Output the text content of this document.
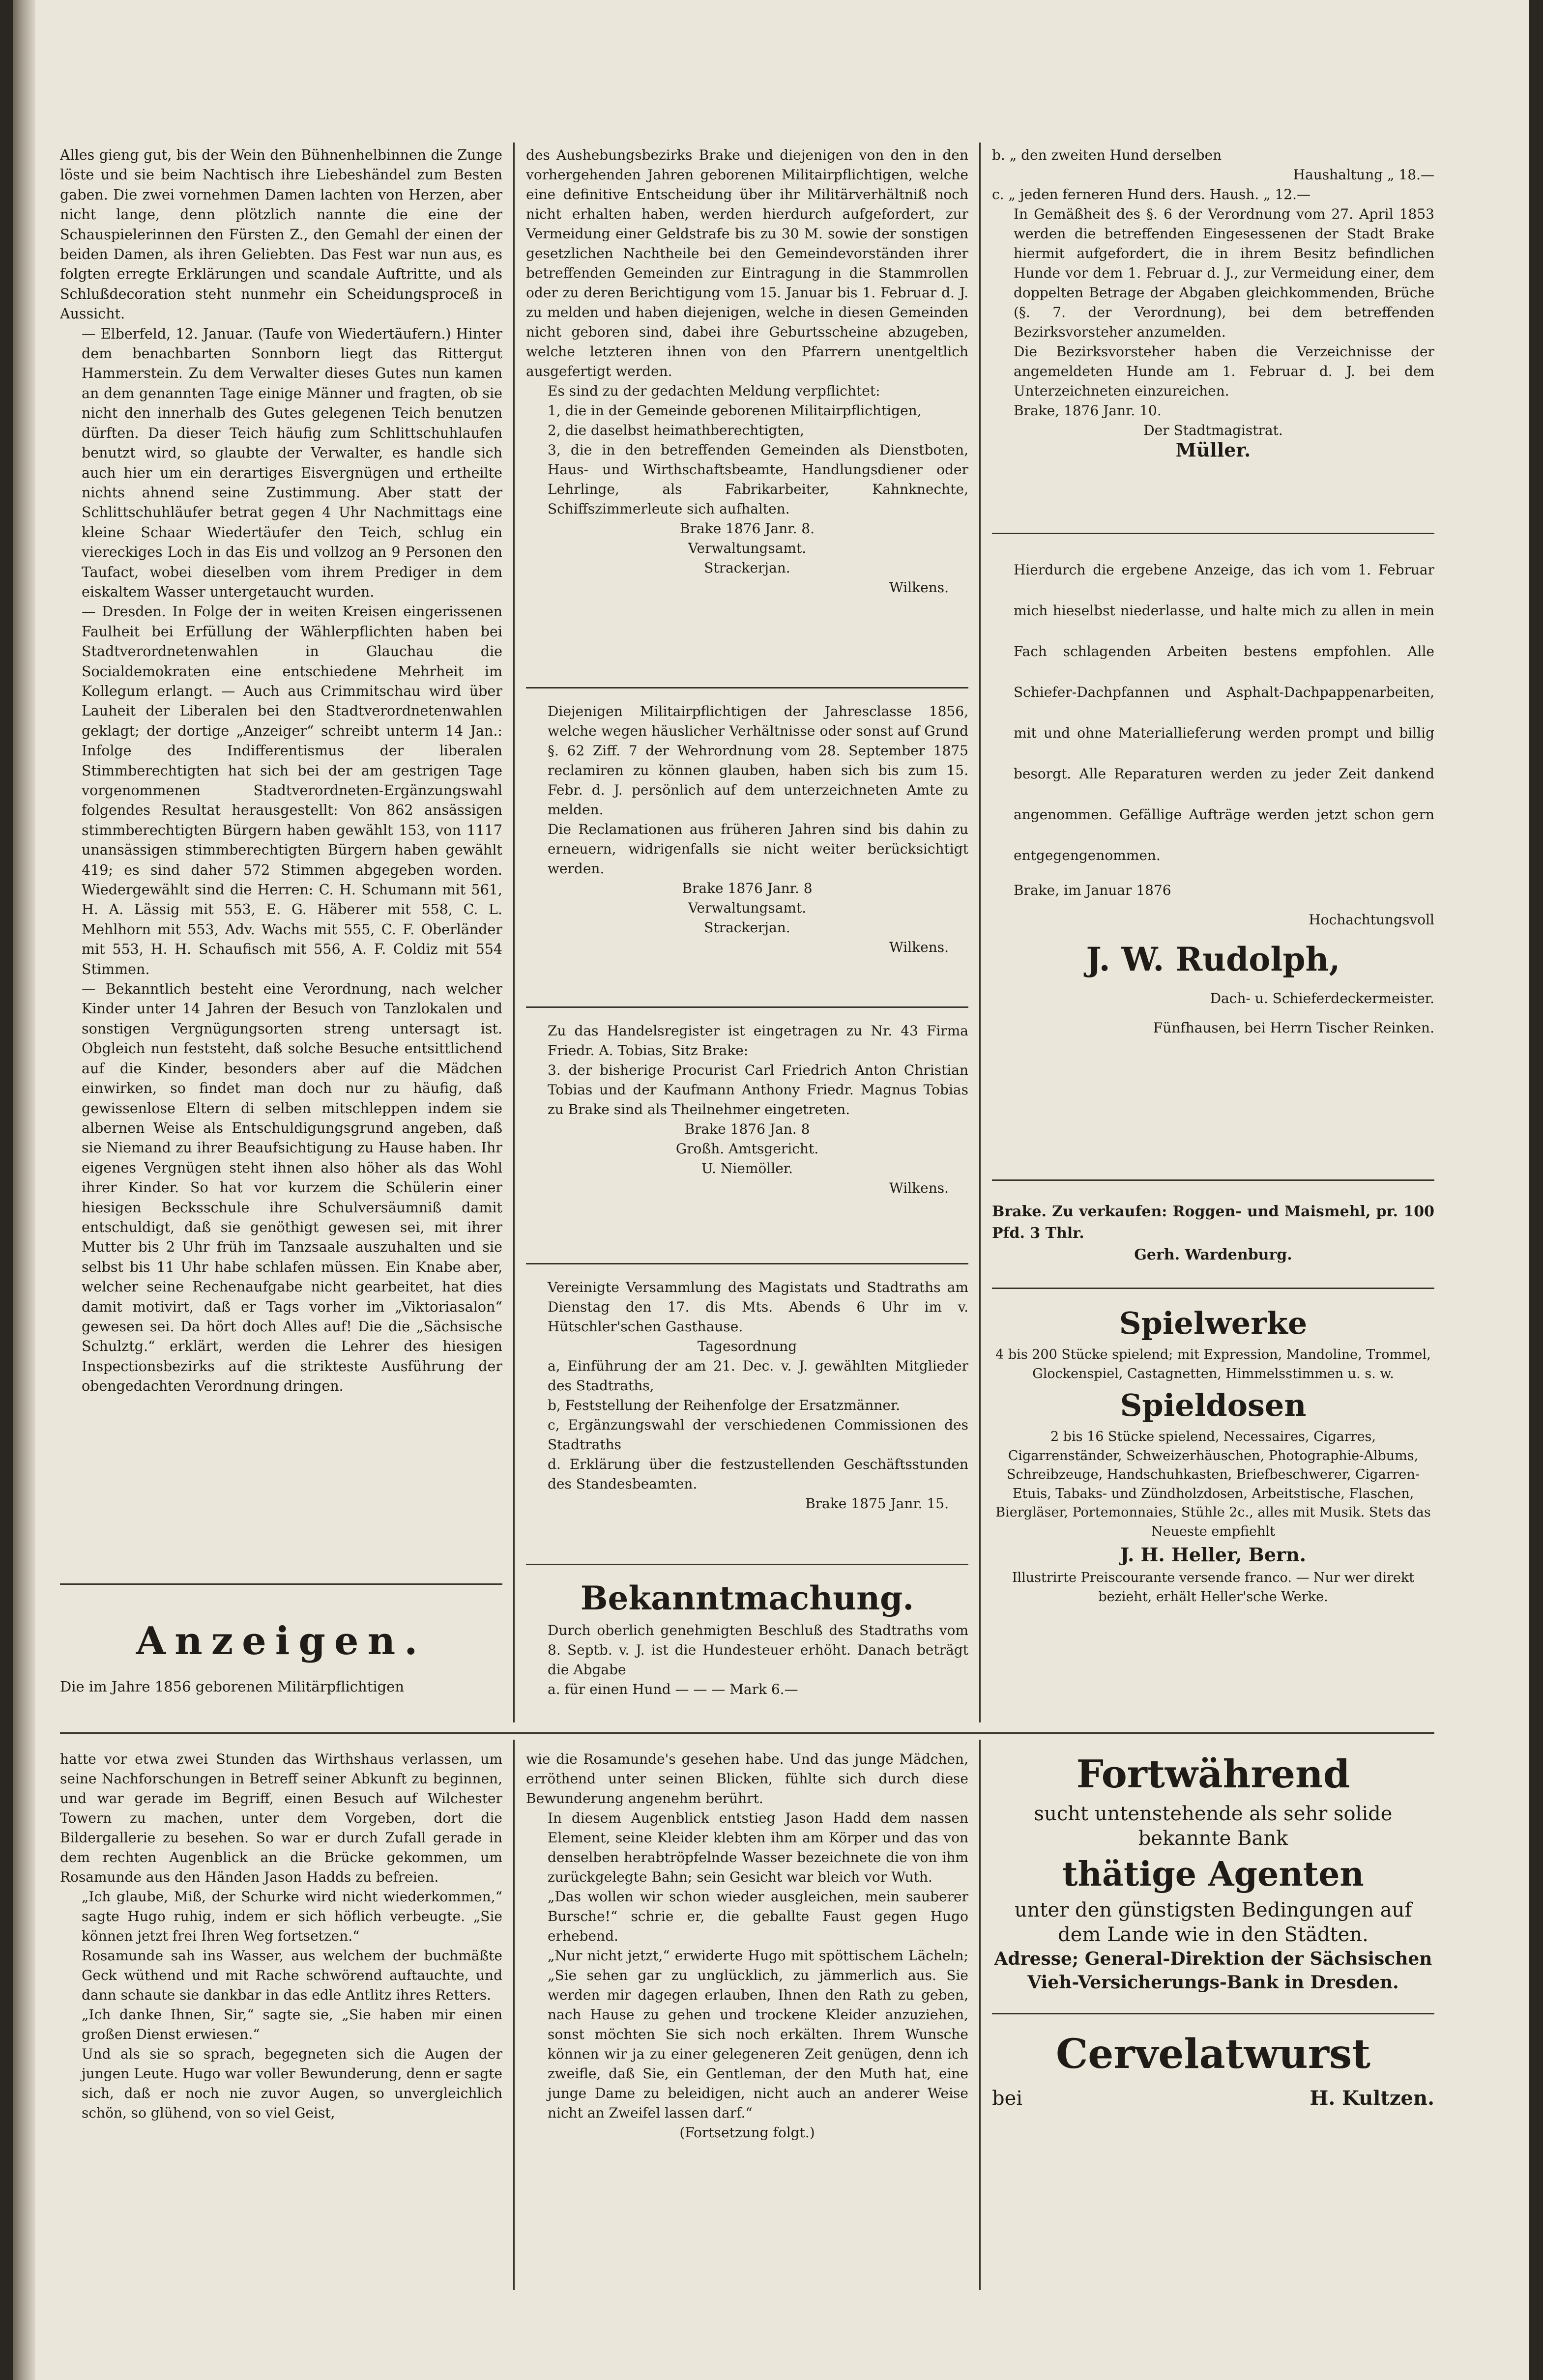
Alles gieng gut, bis der Wein den Bühnenhelbinnen die Zunge löste und sie beim Nachtisch ihre Liebeshändel zum Besten gaben. Die zwei vornehmen Damen lachten von Herzen, aber nicht lange, denn plötzlich nannte die eine der Schauspielerinnen den Fürsten Z., den Gemahl der einen der beiden Damen, als ihren Geliebten. Das Fest war nun aus, es folgten erregte Erklärungen und scandale Auftritte, und als Schlußdecoration steht nunmehr ein Scheidungsproceß in Aussicht.

— Elberfeld, 12. Januar. (Taufe von Wiedertäufern.) Hinter dem benachbarten Sonnborn liegt das Rittergut Hammerstein. Zu dem Verwalter dieses Gutes nun kamen an dem genannten Tage einige Männer und fragten, ob sie nicht den innerhalb des Gutes gelegenen Teich benutzen dürften. Da dieser Teich häufig zum Schlittschuhlaufen benutzt wird, so glaubte der Verwalter, es handle sich auch hier um ein derartiges Eisvergnügen und ertheilte nichts ahnend seine Zustimmung. Aber statt der Schlittschuhläufer betrat gegen 4 Uhr Nachmittags eine kleine Schaar Wiedertäufer den Teich, schlug ein viereckiges Loch in das Eis und vollzog an 9 Personen den Taufact, wobei dieselben vom ihrem Prediger in dem eiskaltem Wasser untergetaucht wurden.

— Dresden. In Folge der in weiten Kreisen eingerissenen Faulheit bei Erfüllung der Wählerpflichten haben bei Stadtverordnetenwahlen in Glauchau die Socialdemokraten eine entschiedene Mehrheit im Kollegum erlangt. — Auch aus Crimmitschau wird über Lauheit der Liberalen bei den Stadtverordnetenwahlen geklagt; der dortige „Anzeiger“ schreibt unterm 14 Jan.: Infolge des Indifferentismus der liberalen Stimmberechtigten hat sich bei der am gestrigen Tage vorgenommenen Stadtverordneten-Ergänzungswahl folgendes Resultat herausgestellt: Von 862 ansässigen stimmberechtigten Bürgern haben gewählt 153, von 1117 unansässigen stimmberechtigten Bürgern haben gewählt 419; es sind daher 572 Stimmen abgegeben worden. Wiedergewählt sind die Herren: C. H. Schumann mit 561, H. A. Lässig mit 553, E. G. Häberer mit 558, C. L. Mehlhorn mit 553, Adv. Wachs mit 555, C. F. Oberländer mit 553, H. H. Schaufisch mit 556, A. F. Coldiz mit 554 Stimmen.

— Bekanntlich besteht eine Verordnung, nach welcher Kinder unter 14 Jahren der Besuch von Tanzlokalen und sonstigen Vergnügungsorten streng untersagt ist. Obgleich nun feststeht, daß solche Besuche entsittlichend auf die Kinder, besonders aber auf die Mädchen einwirken, so findet man doch nur zu häufig, daß gewissenlose Eltern di selben mitschleppen indem sie albernen Weise als Entschuldigungsgrund angeben, daß sie Niemand zu ihrer Beaufsichtigung zu Hause haben. Ihr eigenes Vergnügen steht ihnen also höher als das Wohl ihrer Kinder. So hat vor kurzem die Schülerin einer hiesigen Becksschule ihre Schulversäumniß damit entschuldigt, daß sie genöthigt gewesen sei, mit ihrer Mutter bis 2 Uhr früh im Tanzsaale auszuhalten und sie selbst bis 11 Uhr habe schlafen müssen. Ein Knabe aber, welcher seine Rechenaufgabe nicht gearbeitet, hat dies damit motivirt, daß er Tags vorher im „Viktoriasalon“ gewesen sei. Da hört doch Alles auf! Die die „Sächsische Schulztg.“ erklärt, werden die Lehrer des hiesigen Inspectionsbezirks auf die strikteste Ausführung der obengedachten Verordnung dringen.

Anzeigen.

Die im Jahre 1856 geborenen Militärpflichtigen

des Aushebungsbezirks Brake und diejenigen von den in den vorhergehenden Jahren geborenen Militairpflichtigen, welche eine definitive Entscheidung über ihr Militärverhältniß noch nicht erhalten haben, werden hierdurch aufgefordert, zur Vermeidung einer Geldstrafe bis zu 30 M. sowie der sonstigen gesetzlichen Nachtheile bei den Gemeindevorständen ihrer betreffenden Gemeinden zur Eintragung in die Stammrollen oder zu deren Berichtigung vom 15. Januar bis 1. Februar d. J. zu melden und haben diejenigen, welche in diesen Gemeinden nicht geboren sind, dabei ihre Geburtsscheine abzugeben, welche letzteren ihnen von den Pfarrern unentgeltlich ausgefertigt werden.

Es sind zu der gedachten Meldung verpflichtet:

1, die in der Gemeinde geborenen Militairpflichtigen,

2, die daselbst heimathberechtigten,

3, die in den betreffenden Gemeinden als Dienstboten, Haus- und Wirthschaftsbeamte, Handlungsdiener oder Lehrlinge, als Fabrikarbeiter, Kahnknechte, Schiffszimmerleute sich aufhalten.

Brake 1876 Janr. 8.

Verwaltungsamt.

Strackerjan.

Wilkens.

Diejenigen Militairpflichtigen der Jahresclasse 1856, welche wegen häuslicher Verhältnisse oder sonst auf Grund §. 62 Ziff. 7 der Wehrordnung vom 28. September 1875 reclamiren zu können glauben, haben sich bis zum 15. Febr. d. J. persönlich auf dem unterzeichneten Amte zu melden.

Die Reclamationen aus früheren Jahren sind bis dahin zu erneuern, widrigenfalls sie nicht weiter berücksichtigt werden.

Brake 1876 Janr. 8

Verwaltungsamt.

Strackerjan.

Wilkens.

Zu das Handelsregister ist eingetragen zu Nr. 43 Firma Friedr. A. Tobias, Sitz Brake:

3. der bisherige Procurist Carl Friedrich Anton Christian Tobias und der Kaufmann Anthony Friedr. Magnus Tobias zu Brake sind als Theilnehmer eingetreten.

Brake 1876 Jan. 8

Großh. Amtsgericht.

U. Niemöller.

Wilkens.

Vereinigte Versammlung des Magistats und Stadtraths am Dienstag den 17. dis Mts. Abends 6 Uhr im v. Hütschler'schen Gasthause.

Tagesordnung

a, Einführung der am 21. Dec. v. J. gewählten Mitglieder des Stadtraths,

b, Feststellung der Reihenfolge der Ersatzmänner.

c, Ergänzungswahl der verschiedenen Commissionen des Stadtraths

d. Erklärung über die festzustellenden Geschäftsstunden des Standesbeamten.

Brake 1875 Janr. 15.

Bekanntmachung.

Durch oberlich genehmigten Beschluß des Stadtraths vom 8. Septb. v. J. ist die Hundesteuer erhöht. Danach beträgt die Abgabe

a. für einen Hund — — — Mark 6.—

b. „ den zweiten Hund derselben

Haushaltung „ 18.—

c. „ jeden ferneren Hund ders. Haush. „ 12.—

In Gemäßheit des §. 6 der Verordnung vom 27. April 1853 werden die betreffenden Eingesessenen der Stadt Brake hiermit aufgefordert, die in ihrem Besitz befindlichen Hunde vor dem 1. Februar d. J., zur Vermeidung einer, dem doppelten Betrage der Abgaben gleichkommenden, Brüche (§. 7. der Verordnung), bei dem betreffenden Bezirksvorsteher anzumelden.

Die Bezirksvorsteher haben die Verzeichnisse der angemeldeten Hunde am 1. Februar d. J. bei dem Unterzeichneten einzureichen.

Brake, 1876 Janr. 10.

Der Stadtmagistrat.

Müller.

Hierdurch die ergebene Anzeige, das ich vom 1. Februar mich hieselbst niederlasse, und halte mich zu allen in mein Fach schlagenden Arbeiten bestens empfohlen. Alle Schiefer-Dachpfannen und Asphalt-Dachpappenarbeiten, mit und ohne Materiallieferung werden prompt und billig besorgt. Alle Reparaturen werden zu jeder Zeit dankend angenommen. Gefällige Aufträge werden jetzt schon gern entgegengenommen.

Brake, im Januar 1876

Hochachtungsvoll

J. W. Rudolph,

Dach- u. Schieferdeckermeister.

Fünfhausen, bei Herrn Tischer Reinken.

Brake. Zu verkaufen: Roggen- und Maismehl, pr. 100 Pfd. 3 Thlr.

Gerh. Wardenburg.

Spielwerke

4 bis 200 Stücke spielend; mit Expression, Mandoline, Trommel, Glockenspiel, Castagnetten, Himmelsstimmen u. s. w.

Spieldosen

2 bis 16 Stücke spielend, Necessaires, Cigarres, Cigarrenständer, Schweizerhäuschen, Photographie-Albums, Schreibzeuge, Handschuhkasten, Briefbeschwerer, Cigarren-Etuis, Tabaks- und Zündholzdosen, Arbeitstische, Flaschen, Biergläser, Portemonnaies, Stühle 2c., alles mit Musik. Stets das Neueste empfiehlt

J. H. Heller, Bern.

Illustrirte Preiscourante versende franco. — Nur wer direkt bezieht, erhält Heller'sche Werke.

hatte vor etwa zwei Stunden das Wirthshaus verlassen, um seine Nachforschungen in Betreff seiner Abkunft zu beginnen, und war gerade im Begriff, einen Besuch auf Wilchester Towern zu machen, unter dem Vorgeben, dort die Bildergallerie zu besehen. So war er durch Zufall gerade in dem rechten Augenblick an die Brücke gekommen, um Rosamunde aus den Händen Jason Hadds zu befreien.

„Ich glaube, Miß, der Schurke wird nicht wiederkommen,“ sagte Hugo ruhig, indem er sich höflich verbeugte. „Sie können jetzt frei Ihren Weg fortsetzen.“

Rosamunde sah ins Wasser, aus welchem der buchmäßte Geck wüthend und mit Rache schwörend auftauchte, und dann schaute sie dankbar in das edle Antlitz ihres Retters.

„Ich danke Ihnen, Sir,“ sagte sie, „Sie haben mir einen großen Dienst erwiesen.“

Und als sie so sprach, begegneten sich die Augen der jungen Leute. Hugo war voller Bewunderung, denn er sagte sich, daß er noch nie zuvor Augen, so unvergleichlich schön, so glühend, von so viel Geist,

wie die Rosamunde's gesehen habe. Und das junge Mädchen, erröthend unter seinen Blicken, fühlte sich durch diese Bewunderung angenehm berührt.

In diesem Augenblick entstieg Jason Hadd dem nassen Element, seine Kleider klebten ihm am Körper und das von denselben herabtröpfelnde Wasser bezeichnete die von ihm zurückgelegte Bahn; sein Gesicht war bleich vor Wuth.

„Das wollen wir schon wieder ausgleichen, mein sauberer Bursche!“ schrie er, die geballte Faust gegen Hugo erhebend.

„Nur nicht jetzt,“ erwiderte Hugo mit spöttischem Lächeln; „Sie sehen gar zu unglücklich, zu jämmerlich aus. Sie werden mir dagegen erlauben, Ihnen den Rath zu geben, nach Hause zu gehen und trockene Kleider anzuziehen, sonst möchten Sie sich noch erkälten. Ihrem Wunsche können wir ja zu einer gelegeneren Zeit genügen, denn ich zweifle, daß Sie, ein Gentleman, der den Muth hat, eine junge Dame zu beleidigen, nicht auch an anderer Weise nicht an Zweifel lassen darf.“

(Fortsetzung folgt.)

Fortwährend

sucht untenstehende als sehr solide bekannte Bank

thätige Agenten

unter den günstigsten Bedingungen auf dem Lande wie in den Städten.

Adresse; General-Direktion der Sächsischen Vieh-Versicherungs-Bank in Dresden.

Cervelatwurst
bei	H. Kultzen.
